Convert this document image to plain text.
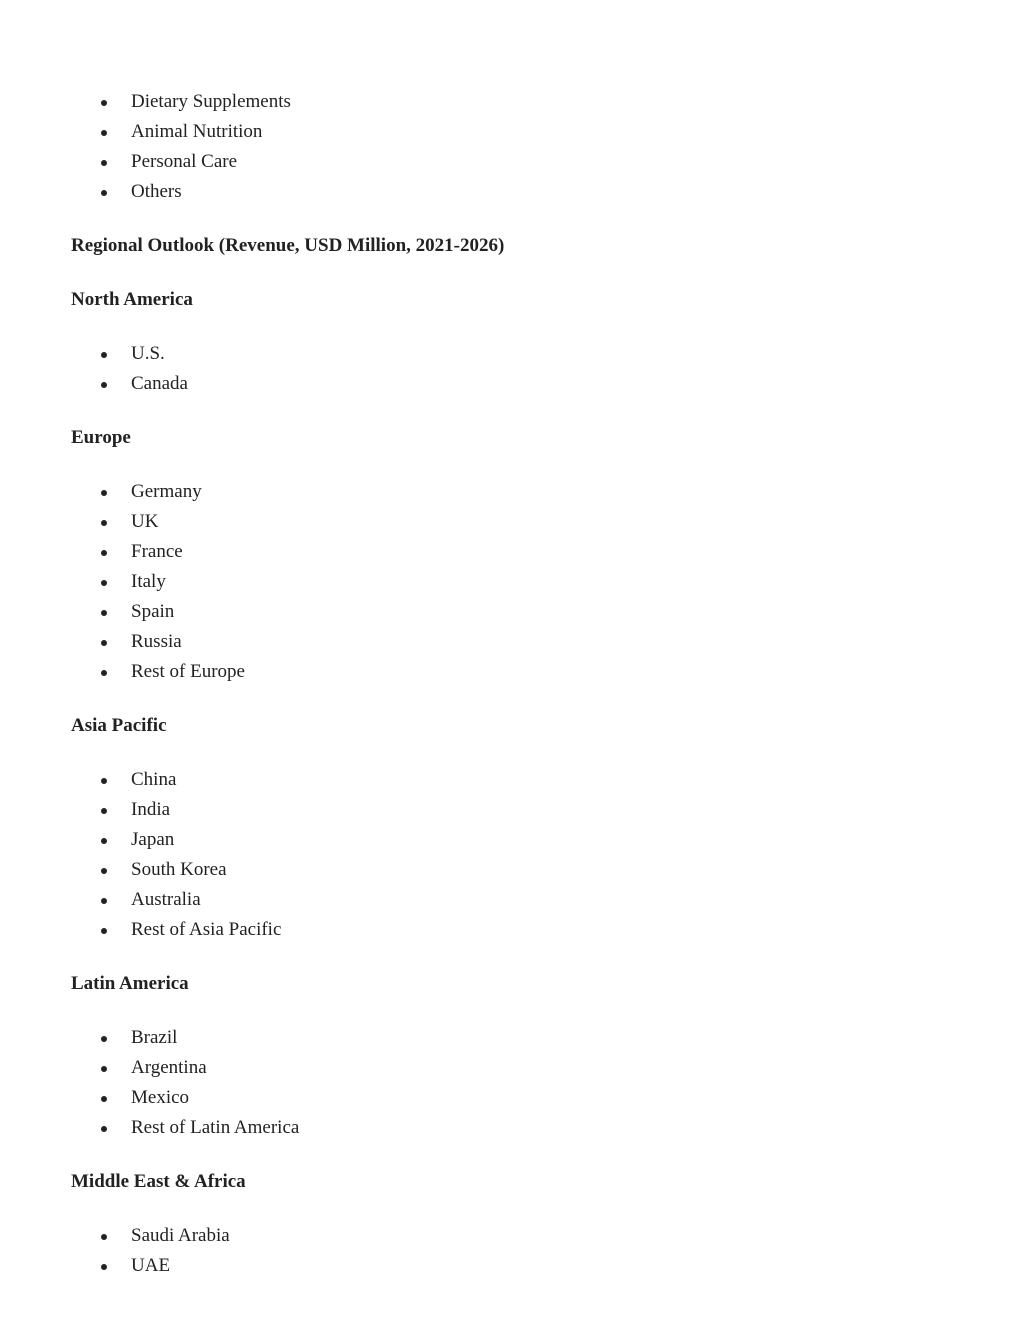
Dietary Supplements
Animal Nutrition
Personal Care
Others

Regional Outlook (Revenue, USD Million, 2021-2026)

North America

U.S.
Canada

Europe

Germany
UK
France
Italy
Spain
Russia
Rest of Europe

Asia Pacific

China
India
Japan
South Korea
Australia
Rest of Asia Pacific

Latin America

Brazil
Argentina
Mexico
Rest of Latin America

Middle East & Africa

Saudi Arabia
UAE
